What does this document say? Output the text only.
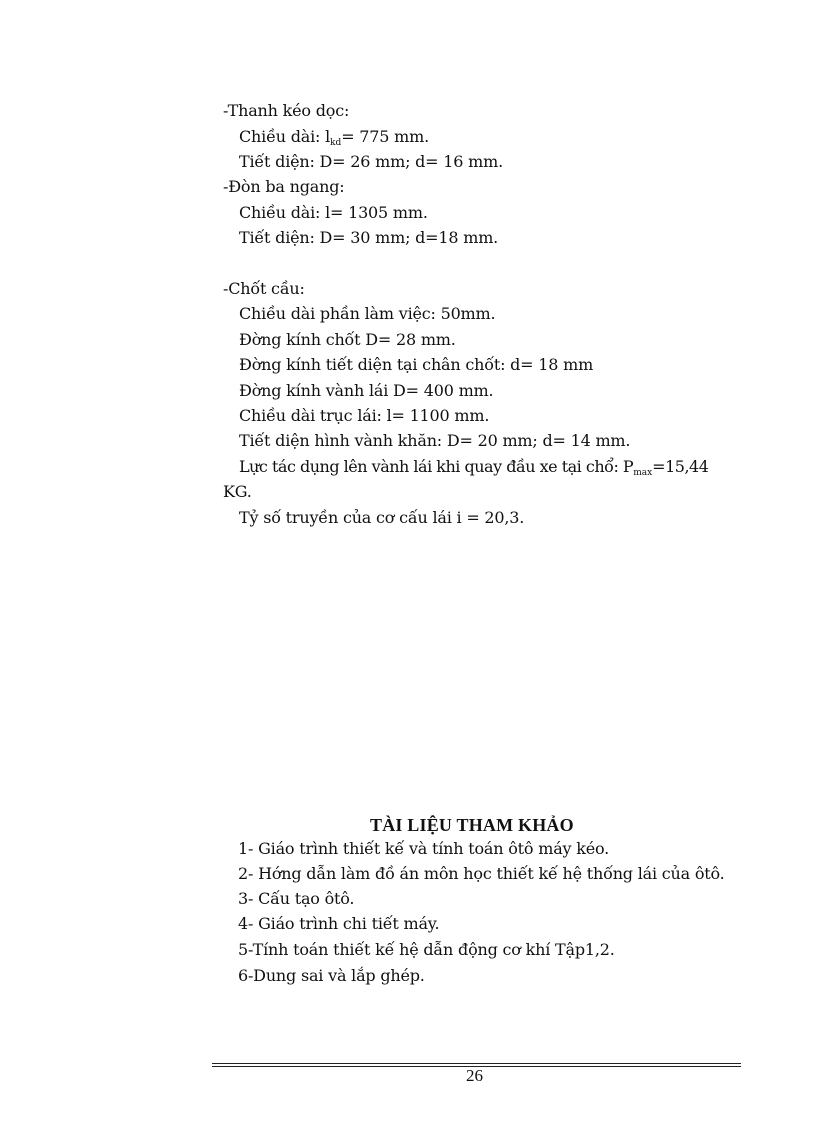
-Thanh kéo dọc:
Chiều dài: $l_{kd}= 775$ mm.
Tiết diện: D= 26 mm; d= 16 mm.
-Đòn ba ngang:
Chiều dài: l= 1305 mm.
Tiết diện: D= 30 mm; d=18 mm.
-Chốt cầu:
Chiều dài phần làm việc: 50mm.
Đờng kính chốt D= 28 mm.
Đờng kính tiết diện tại chân chốt: d= 18 mm
Đờng kính vành lái D= 400 mm.
Chiều dài trục lái: l= 1100 mm.
Tiết diện hình vành khăn: D= 20 mm; d= 14 mm.
Lực tác dụng lên vành lái khi quay đầu xe tại chổ: $P_{max}=15,44$
KG.
Tỷ số truyền của cơ cấu lái i = 20,3.
TÀI LIỆU THAM KHẢO
1- Giáo trình thiết kế và tính toán ôtô máy kéo.
2- Hớng dẫn làm đồ án môn học thiết kế hệ thống lái của ôtô.
3- Cấu tạo ôtô.
4- Giáo trình chi tiết máy.
5-Tính toán thiết kế hệ dẫn động cơ khí Tập1,2.
6-Dung sai và lắp ghép.
26
